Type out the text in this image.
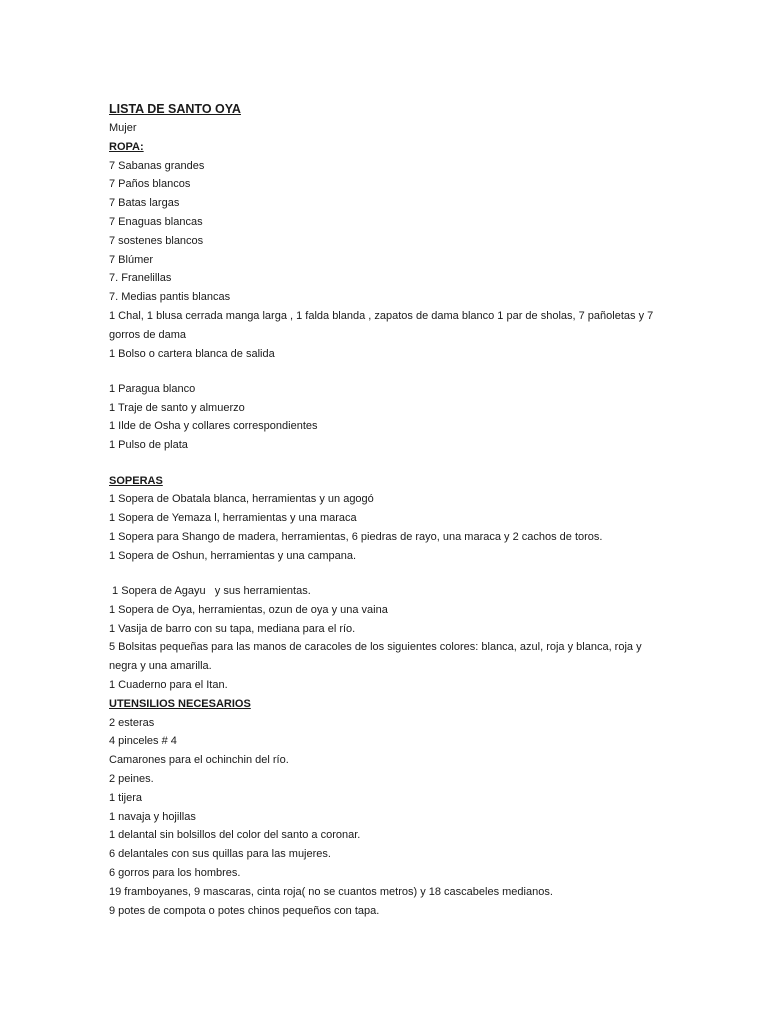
LISTA DE SANTO OYA
Mujer
ROPA:
7 Sabanas grandes
7 Paños blancos
7 Batas largas
7 Enaguas blancas
7 sostenes blancos
7 Blúmer
7. Franelillas
7. Medias pantis blancas
1 Chal, 1 blusa cerrada manga larga , 1 falda blanda , zapatos de dama blanco 1 par de sholas, 7 pañoletas y 7 gorros de dama
1 Bolso o cartera blanca de salida
1 Paragua blanco
1 Traje de santo y almuerzo
1 Ilde de Osha y collares correspondientes
1 Pulso de plata
SOPERAS
1 Sopera de Obatala blanca, herramientas y un agogó
1 Sopera de Yemaza l, herramientas y una maraca
1 Sopera para Shango de madera, herramientas, 6 piedras de rayo, una maraca y 2 cachos de toros.
1 Sopera de Oshun, herramientas y una campana.
1 Sopera de Agayu   y sus herramientas.
1 Sopera de Oya, herramientas, ozun de oya y una vaina
1 Vasija de barro con su tapa, mediana para el río.
5 Bolsitas pequeñas para las manos de caracoles de los siguientes colores: blanca, azul, roja y blanca, roja y negra y una amarilla.
1 Cuaderno para el Itan.
UTENSILIOS NECESARIOS
2 esteras
4 pinceles # 4
Camarones para el ochinchin del río.
2 peines.
1 tijera
1 navaja y hojillas
1 delantal sin bolsillos del color del santo a coronar.
6 delantales con sus quillas para las mujeres.
6 gorros para los hombres.
19 framboyanes, 9 mascaras, cinta roja( no se cuantos metros) y 18 cascabeles medianos.
9 potes de compota o potes chinos pequeños con tapa.
